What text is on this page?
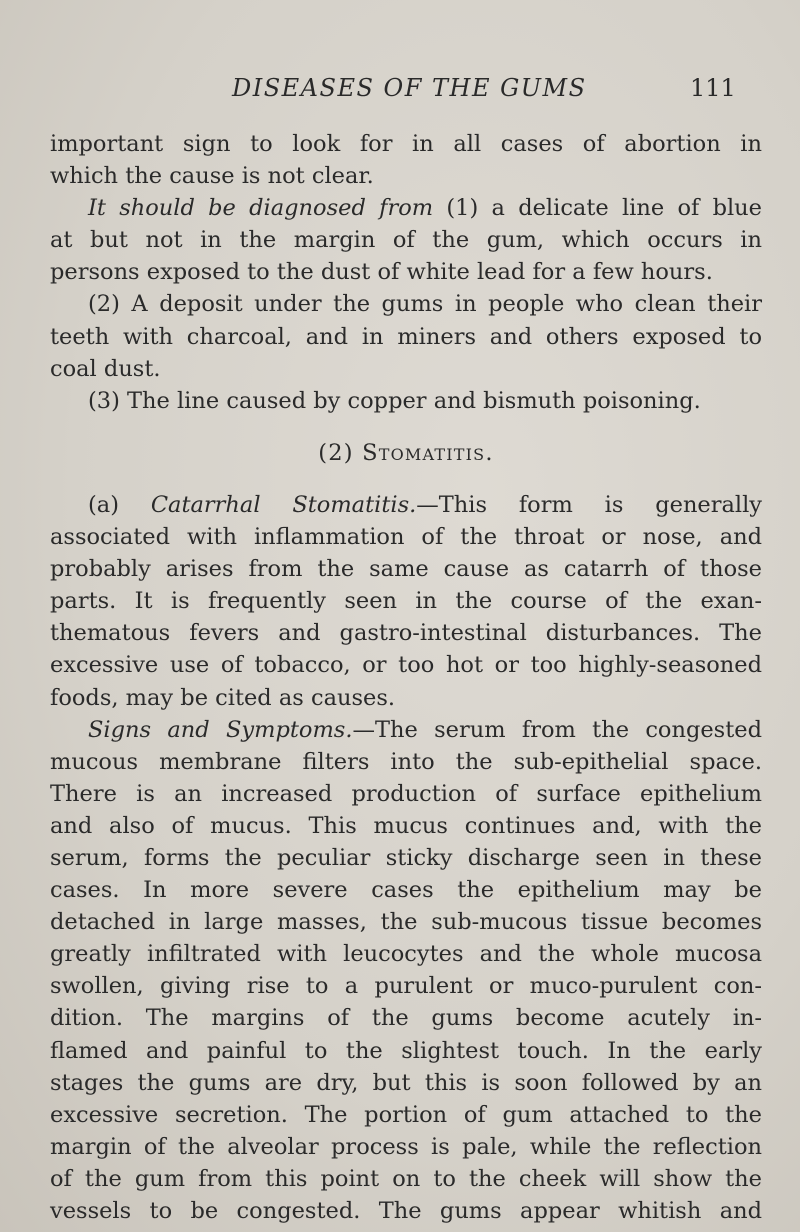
DISEASES OF THE GUMS	111
important sign to look for in all cases of abortion in
which the cause is not clear.
It should be diagnosed from (1) a delicate line of blue
at but not in the margin of the gum, which occurs in
persons exposed to the dust of white lead for a few hours.
(2) A deposit under the gums in people who clean their
teeth with charcoal, and in miners and others exposed to
coal dust.
(3) The line caused by copper and bismuth poisoning.
(2) Stomatitis.
(a) Catarrhal Stomatitis.—This form is generally
associated with inflammation of the throat or nose, and
probably arises from the same cause as catarrh of those
parts. It is frequently seen in the course of the exan-
thematous fevers and gastro-intestinal disturbances. The
excessive use of tobacco, or too hot or too highly-seasoned
foods, may be cited as causes.
Signs and Symptoms.—The serum from the congested
mucous membrane filters into the sub-epithelial space.
There is an increased production of surface epithelium
and also of mucus. This mucus continues and, with the
serum, forms the peculiar sticky discharge seen in these
cases. In more severe cases the epithelium may be
detached in large masses, the sub-mucous tissue becomes
greatly infiltrated with leucocytes and the whole mucosa
swollen, giving rise to a purulent or muco-purulent con-
dition. The margins of the gums become acutely in-
flamed and painful to the slightest touch. In the early
stages the gums are dry, but this is soon followed by an
excessive secretion. The portion of gum attached to the
margin of the alveolar process is pale, while the reflection
of the gum from this point on to the cheek will show the
vessels to be congested. The gums appear whitish and
